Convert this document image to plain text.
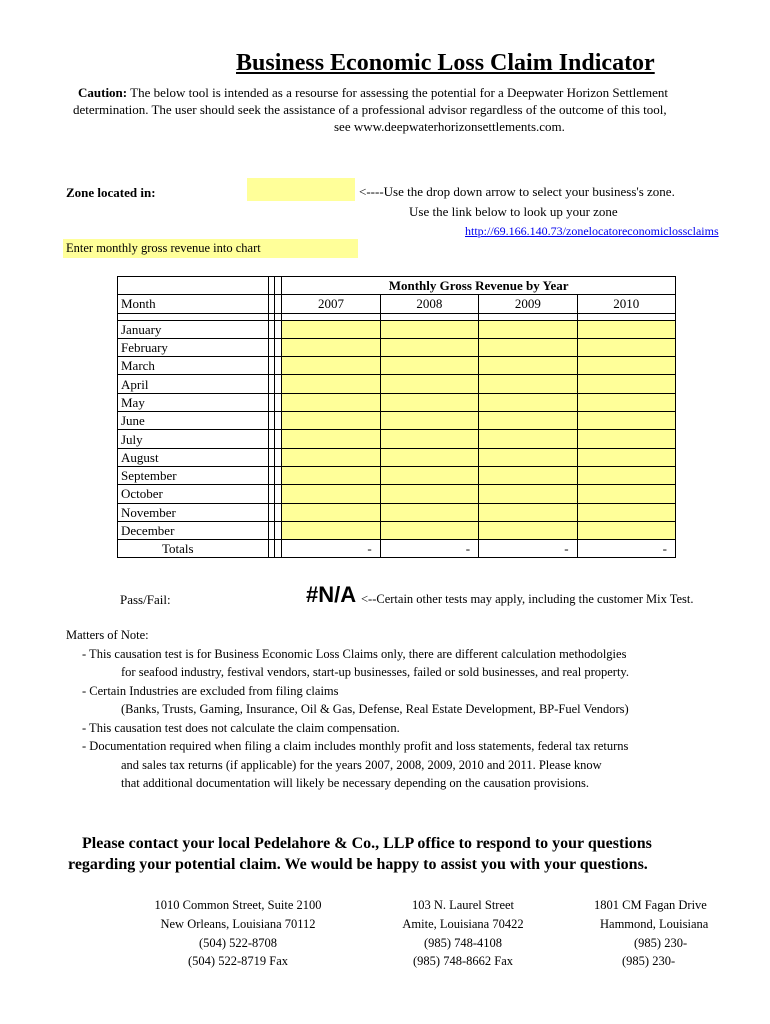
Business Economic Loss Claim Indicator
Caution: The below tool is intended as a resourse for assessing the potential for a Deepwater Horizon Settlement
determination. The user should seek the assistance of a professional advisor regardless of the outcome of this tool,
see www.deepwaterhorizonsettlements.com.
Zone located in:	<----Use the drop down arrow to select your business's zone.
Use the link below to look up your zone
http://69.166.140.73/zonelocatoreconomiclossclaims
Enter monthly gross revenue into chart
			Monthly Gross Revenue by Year			
Month			2007	2008	2009	2010

January						
February						
March						
April						
May						
June						
July						
August						
September						
October						
November						
December						
Totals			-	-	-	-
Pass/Fail:	#N/A <--Certain other tests may apply, including the customer Mix Test.
Matters of Note:
- This causation test is for Business Economic Loss Claims only, there are different calculation methodolgies
for seafood industry, festival vendors, start-up businesses, failed or sold businesses, and real property.
- Certain Industries are excluded from filing claims
(Banks, Trusts, Gaming, Insurance, Oil & Gas, Defense, Real Estate Development, BP-Fuel Vendors)
- This causation test does not calculate the claim compensation.
- Documentation required when filing a claim includes monthly profit and loss statements, federal tax returns
and sales tax returns (if applicable) for the years 2007, 2008, 2009, 2010 and 2011. Please know
that additional documentation will likely be necessary depending on the causation provisions.
Please contact your local Pedelahore & Co., LLP office to respond to your questions
regarding your potential claim. We would be happy to assist you with your questions.
1010 Common Street, Suite 2100
New Orleans, Louisiana 70112
(504) 522-8708
(504) 522-8719 Fax
103 N. Laurel Street
Amite, Louisiana 70422
(985) 748-4108
(985) 748-8662 Fax
1801 CM Fagan Drive
Hammond, Louisiana
(985) 230-
(985) 230-
